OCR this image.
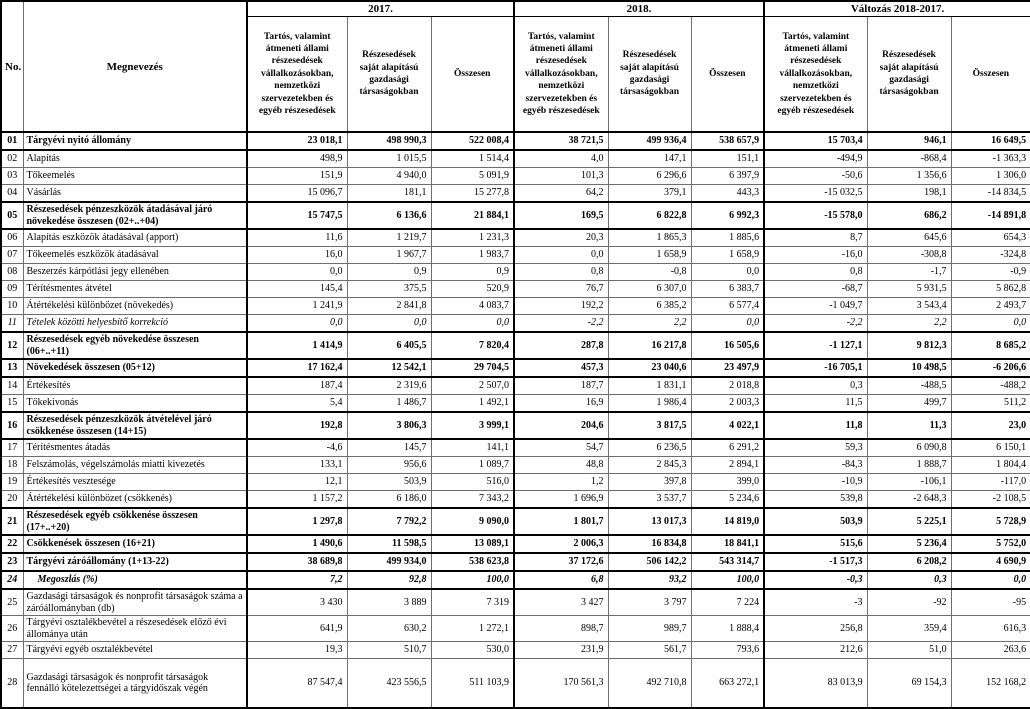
No.	Megnevezés	2017.			2018.			Változás 2018-2017.		
		Tartós, valamint átmeneti állami részesedések vállalkozásokban, nemzetközi szervezetekben és egyéb részesedések	Részesedések saját alapítású gazdasági társaságokban	Összesen	Tartós, valamint átmeneti állami részesedések vállalkozásokban, nemzetközi szervezetekben és egyéb részesedések	Részesedések saját alapítású gazdasági társaságokban	Összesen	Tartós, valamint átmeneti állami részesedések vállalkozásokban, nemzetközi szervezetekben és egyéb részesedések	Részesedések saját alapítású gazdasági társaságokban	Összesen
01	Tárgyévi nyitó állomány	23 018,1	498 990,3	522 008,4	38 721,5	499 936,4	538 657,9	15 703,4	946,1	16 649,5
02	Alapítás	498,9	1 015,5	1 514,4	4,0	147,1	151,1	-494,9	-868,4	-1 363,3
03	Tőkeemelés	151,9	4 940,0	5 091,9	101,3	6 296,6	6 397,9	-50,6	1 356,6	1 306,0
04	Vásárlás	15 096,7	181,1	15 277,8	64,2	379,1	443,3	-15 032,5	198,1	-14 834,5
05	Részesedések pénzeszközök átadásával járó növekedése összesen (02+..+04)	15 747,5	6 136,6	21 884,1	169,5	6 822,8	6 992,3	-15 578,0	686,2	-14 891,8
06	Alapítás eszközök átadásával (apport)	11,6	1 219,7	1 231,3	20,3	1 865,3	1 885,6	8,7	645,6	654,3
07	Tőkeemelés eszközök átadásával	16,0	1 967,7	1 983,7	0,0	1 658,9	1 658,9	-16,0	-308,8	-324,8
08	Beszerzés kárpótlási jegy ellenében	0,0	0,9	0,9	0,8	-0,8	0,0	0,8	-1,7	-0,9
09	Térítésmentes átvétel	145,4	375,5	520,9	76,7	6 307,0	6 383,7	-68,7	5 931,5	5 862,8
10	Átértékelési különbözet (növekedés)	1 241,9	2 841,8	4 083,7	192,2	6 385,2	6 577,4	-1 049,7	3 543,4	2 493,7
11	Tételek közötti helyesbítő korrekció	0,0	0,0	0,0	-2,2	2,2	0,0	-2,2	2,2	0,0
12	Részesedések egyéb növekedése összesen (06+..+11)	1 414,9	6 405,5	7 820,4	287,8	16 217,8	16 505,6	-1 127,1	9 812,3	8 685,2
13	Növekedések összesen (05+12)	17 162,4	12 542,1	29 704,5	457,3	23 040,6	23 497,9	-16 705,1	10 498,5	-6 206,6
14	Értékesítés	187,4	2 319,6	2 507,0	187,7	1 831,1	2 018,8	0,3	-488,5	-488,2
15	Tőkekivonás	5,4	1 486,7	1 492,1	16,9	1 986,4	2 003,3	11,5	499,7	511,2
16	Részesedések pénzeszközök átvételével járó csökkenése összesen (14+15)	192,8	3 806,3	3 999,1	204,6	3 817,5	4 022,1	11,8	11,3	23,0
17	Térítésmentes átadás	-4,6	145,7	141,1	54,7	6 236,5	6 291,2	59,3	6 090,8	6 150,1
18	Felszámolás, végelszámolás miatti kivezetés	133,1	956,6	1 089,7	48,8	2 845,3	2 894,1	-84,3	1 888,7	1 804,4
19	Értékesítés vesztesége	12,1	503,9	516,0	1,2	397,8	399,0	-10,9	-106,1	-117,0
20	Átértékelési különbözet (csökkenés)	1 157,2	6 186,0	7 343,2	1 696,9	3 537,7	5 234,6	539,8	-2 648,3	-2 108,5
21	Részesedések egyéb csökkenése összesen (17+..+20)	1 297,8	7 792,2	9 090,0	1 801,7	13 017,3	14 819,0	503,9	5 225,1	5 728,9
22	Csökkenések összesen (16+21)	1 490,6	11 598,5	13 089,1	2 006,3	16 834,8	18 841,1	515,6	5 236,4	5 752,0
23	Tárgyévi záróállomány (1+13-22)	38 689,8	499 934,0	538 623,8	37 172,6	506 142,2	543 314,7	-1 517,3	6 208,2	4 690,9
24	Megoszlás (%)	7,2	92,8	100,0	6,8	93,2	100,0	-0,3	0,3	0,0
25	Gazdasági társaságok és nonprofit társaságok száma a záróállományban (db)	3 430	3 889	7 319	3 427	3 797	7 224	-3	-92	-95
26	Tárgyévi osztalékbevétel a részesedések előző évi állománya után	641,9	630,2	1 272,1	898,7	989,7	1 888,4	256,8	359,4	616,3
27	Tárgyévi egyéb osztalékbevétel	19,3	510,7	530,0	231,9	561,7	793,6	212,6	51,0	263,6
28	Gazdasági társaságok és nonprofit társaságok fennálló kötelezettségei a tárgyidőszak végén	87 547,4	423 556,5	511 103,9	170 561,3	492 710,8	663 272,1	83 013,9	69 154,3	152 168,2
